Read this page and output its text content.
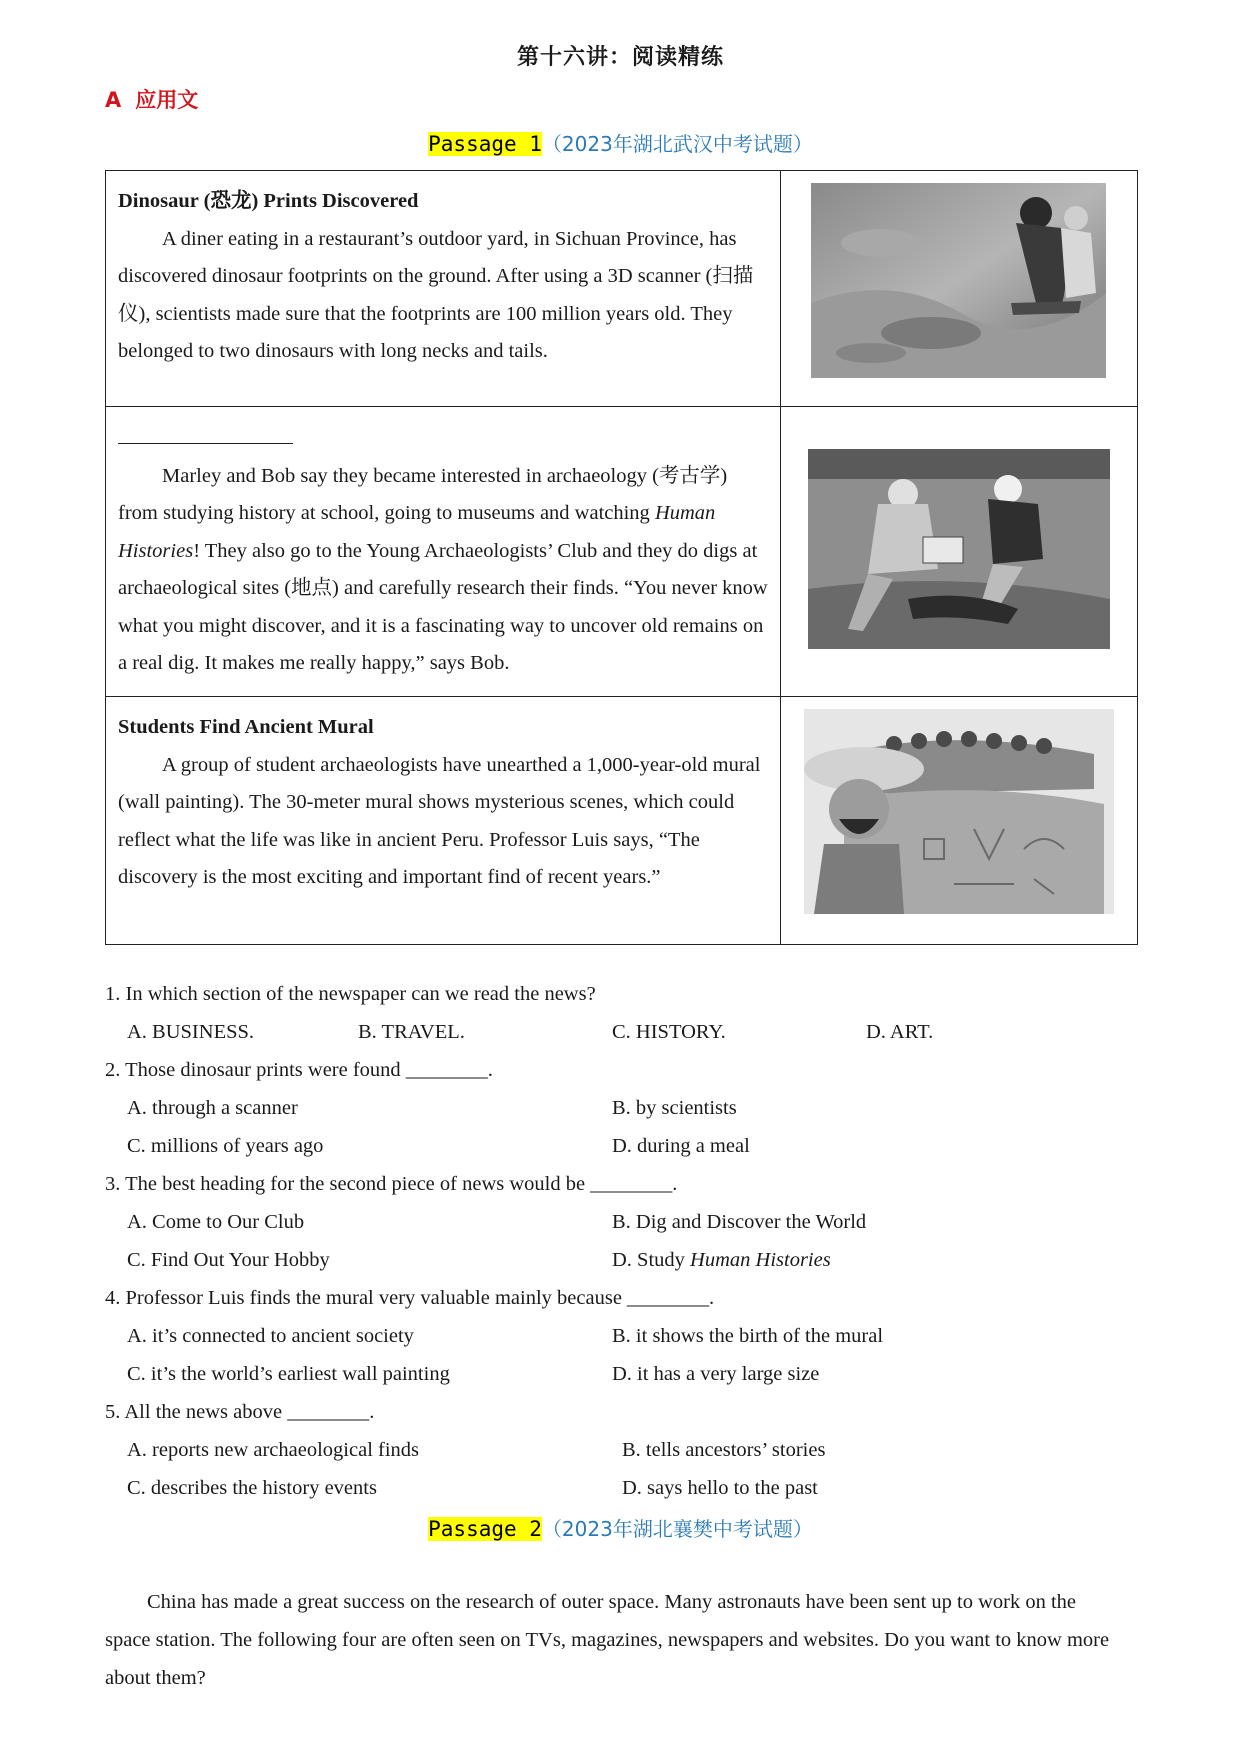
第十六讲：阅读精练
A 应用文
Passage 1（2023年湖北武汉中考试题）
Dinosaur (恐龙) Prints Discovered
A diner eating in a restaurant’s outdoor yard, in Sichuan Province, has discovered dinosaur footprints on the ground. After using a 3D scanner (扫描仪), scientists made sure that the footprints are 100 million years old. They belonged to two dinosaurs with long necks and tails.

Marley and Bob say they became interested in archaeology (考古学) from studying history at school, going to museums and watching Human Histories! They also go to the Young Archaeologists’ Club and they do digs at archaeological sites (地点) and carefully research their finds. “You never know what you might discover, and it is a fascinating way to uncover old remains on a real dig. It makes me really happy,” says Bob.

Students Find Ancient Mural
A group of student archaeologists have unearthed a 1,000-year-old mural (wall painting). The 30-meter mural shows mysterious scenes, which could reflect what the life was like in ancient Peru. Professor Luis says, “The discovery is the most exciting and important find of recent years.”

1. In which section of the newspaper can we read the news?
A. BUSINESS.	B. TRAVEL.	C. HISTORY.	D. ART.
2. Those dinosaur prints were found ________.
A. through a scanner	B. by scientists
C. millions of years ago	D. during a meal
3. The best heading for the second piece of news would be ________.
A. Come to Our Club	B. Dig and Discover the World
C. Find Out Your Hobby	D. Study Human Histories
4. Professor Luis finds the mural very valuable mainly because ________.
A. it’s connected to ancient society	B. it shows the birth of the mural
C. it’s the world’s earliest wall painting	D. it has a very large size
5. All the news above ________.
A. reports new archaeological finds	B. tells ancestors’ stories
C. describes the history events	D. says hello to the past
Passage 2（2023年湖北襄樊中考试题）
China has made a great success on the research of outer space. Many astronauts have been sent up to work on the space station. The following four are often seen on TVs, magazines, newspapers and websites. Do you want to know more about them?
